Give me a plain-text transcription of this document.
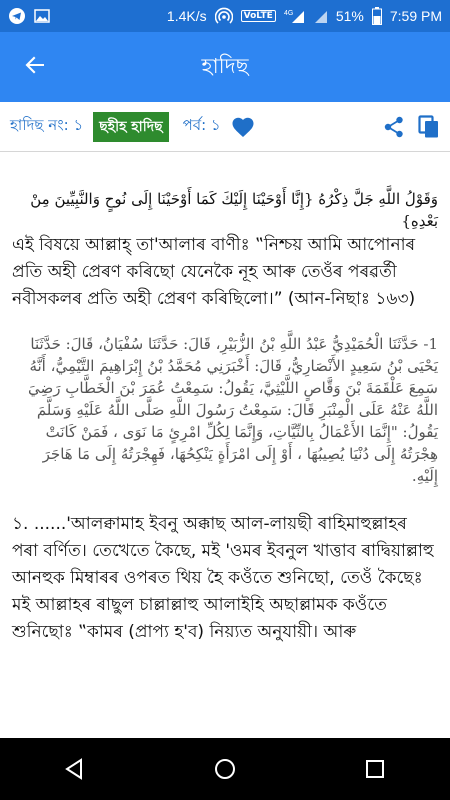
1.4K/s	VoLTE	4G	51% 7:59 PM
হাদিছ
হাদিছ নং: ১	ছহীহ হাদিছ	পৰ্ব: ১

وَقَوْلُ اللَّهِ جَلَّ ذِكْرُهُ ‏{‏إِنَّا أَوْحَيْنَا إِلَيْكَ كَمَا أَوْحَيْنَا إِلَى نُوحٍ وَالنَّبِيِّينَ مِنْ بَعْدِهِ‏}

এই বিষয়ে আল্লাহ্ তা'আলাৰ বাণীঃ ‟নিশ্চয় আমি আপোনাৰ প্ৰতি অহী প্ৰেৰণ কৰিছো যেনেকৈ নূহ আৰু তেওঁৰ পৰৱৰ্তী নবীসকলৰ প্ৰতি অহী প্ৰেৰণ কৰিছিলো।” (আন-নিছাঃ ১৬৩)

1- حَدَّثَنَا الْحُمَيْدِيُّ عَبْدُ اللَّهِ بْنُ الزُّبَيْرِ، قَالَ: حَدَّثَنَا سُفْيَانُ، قَالَ: حَدَّثَنَا يَحْيَى بْنُ سَعِيدٍ الأَنْصَارِيُّ، قَالَ: أَخْبَرَنِي مُحَمَّدُ بْنُ إِبْرَاهِيمَ التَّيْمِيُّ، أَنَّهُ سَمِعَ عَلْقَمَةَ بْنَ وَقَّاصٍ اللَّيْثِيَّ، يَقُولُ: سَمِعْتُ عُمَرَ بْنَ الْخَطَّابِ رَضِيَ اللَّهُ عَنْهُ عَلَى الْمِنْبَرِ قَالَ: سَمِعْتُ رَسُولَ اللَّهِ صَلَّى اللَّهُ عَلَيْهِ وَسَلَّمَ يَقُولُ: "إِنَّمَا الأَعْمَالُ بِالنِّيَّاتِ، وَإِنَّمَا لِكُلِّ امْرِئٍ مَا نَوَى ، فَمَنْ كَانَتْ هِجْرَتُهُ إِلَى دُنْيَا يُصِيبُهَا ، أَوْ إِلَى امْرَأَةٍ يَنْكِحُهَا، فَهِجْرَتُهُ إِلَى مَا هَاجَرَ إِلَيْهِ.

১. ......'আলক্বামাহ ইবনু অক্কাছ আল-লায়ছী ৰাহিমাহুল্লাহৰ পৰা বৰ্ণিত। তেখেতে কৈছে, মই 'ওমৰ ইবনুল খাত্তাব ৰাদ্বিয়াল্লাহু আনহুক মিম্বাৰৰ ওপৰত থিয় হৈ কওঁতে শুনিছো, তেওঁ কৈছেঃ মই আল্লাহৰ ৰাছুল চাল্লাল্লাহু আলাইহি অছাল্লামক কওঁতে শুনিছোঃ ‟কামৰ (প্ৰাপ্য হ'ব) নিয়্যত অনুযায়ী। আৰু
